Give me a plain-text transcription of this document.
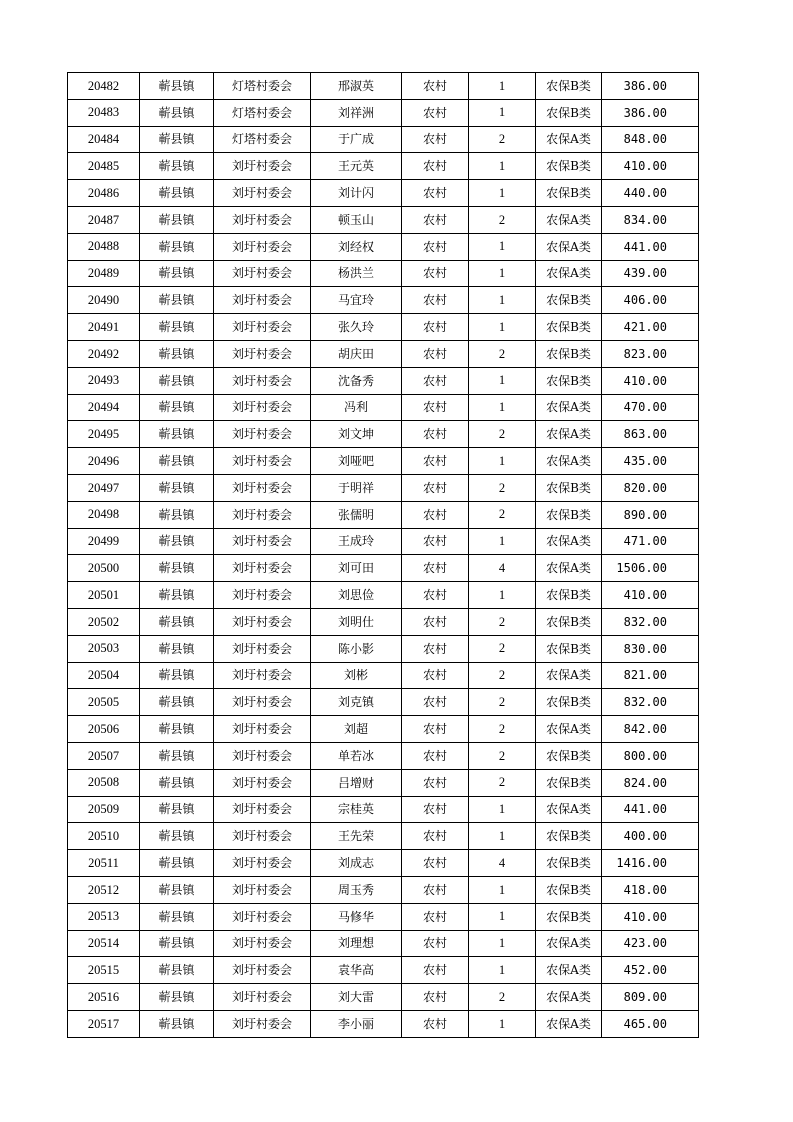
20482	蕲县镇	灯塔村委会	邢淑英	农村	1	农保B类	386.00
20483	蕲县镇	灯塔村委会	刘祥洲	农村	1	农保B类	386.00
20484	蕲县镇	灯塔村委会	于广成	农村	2	农保A类	848.00
20485	蕲县镇	刘圩村委会	王元英	农村	1	农保B类	410.00
20486	蕲县镇	刘圩村委会	刘计闪	农村	1	农保B类	440.00
20487	蕲县镇	刘圩村委会	顿玉山	农村	2	农保A类	834.00
20488	蕲县镇	刘圩村委会	刘经权	农村	1	农保A类	441.00
20489	蕲县镇	刘圩村委会	杨洪兰	农村	1	农保A类	439.00
20490	蕲县镇	刘圩村委会	马宜玲	农村	1	农保B类	406.00
20491	蕲县镇	刘圩村委会	张久玲	农村	1	农保B类	421.00
20492	蕲县镇	刘圩村委会	胡庆田	农村	2	农保B类	823.00
20493	蕲县镇	刘圩村委会	沈备秀	农村	1	农保B类	410.00
20494	蕲县镇	刘圩村委会	冯利	农村	1	农保A类	470.00
20495	蕲县镇	刘圩村委会	刘文坤	农村	2	农保A类	863.00
20496	蕲县镇	刘圩村委会	刘哑吧	农村	1	农保A类	435.00
20497	蕲县镇	刘圩村委会	于明祥	农村	2	农保B类	820.00
20498	蕲县镇	刘圩村委会	张儒明	农村	2	农保B类	890.00
20499	蕲县镇	刘圩村委会	王成玲	农村	1	农保A类	471.00
20500	蕲县镇	刘圩村委会	刘可田	农村	4	农保A类	1506.00
20501	蕲县镇	刘圩村委会	刘思俭	农村	1	农保B类	410.00
20502	蕲县镇	刘圩村委会	刘明仕	农村	2	农保B类	832.00
20503	蕲县镇	刘圩村委会	陈小影	农村	2	农保B类	830.00
20504	蕲县镇	刘圩村委会	刘彬	农村	2	农保A类	821.00
20505	蕲县镇	刘圩村委会	刘克镇	农村	2	农保B类	832.00
20506	蕲县镇	刘圩村委会	刘超	农村	2	农保A类	842.00
20507	蕲县镇	刘圩村委会	单若冰	农村	2	农保B类	800.00
20508	蕲县镇	刘圩村委会	吕增财	农村	2	农保B类	824.00
20509	蕲县镇	刘圩村委会	宗桂英	农村	1	农保A类	441.00
20510	蕲县镇	刘圩村委会	王先荣	农村	1	农保B类	400.00
20511	蕲县镇	刘圩村委会	刘成志	农村	4	农保B类	1416.00
20512	蕲县镇	刘圩村委会	周玉秀	农村	1	农保B类	418.00
20513	蕲县镇	刘圩村委会	马修华	农村	1	农保B类	410.00
20514	蕲县镇	刘圩村委会	刘理想	农村	1	农保A类	423.00
20515	蕲县镇	刘圩村委会	袁华高	农村	1	农保A类	452.00
20516	蕲县镇	刘圩村委会	刘大雷	农村	2	农保A类	809.00
20517	蕲县镇	刘圩村委会	李小丽	农村	1	农保A类	465.00
